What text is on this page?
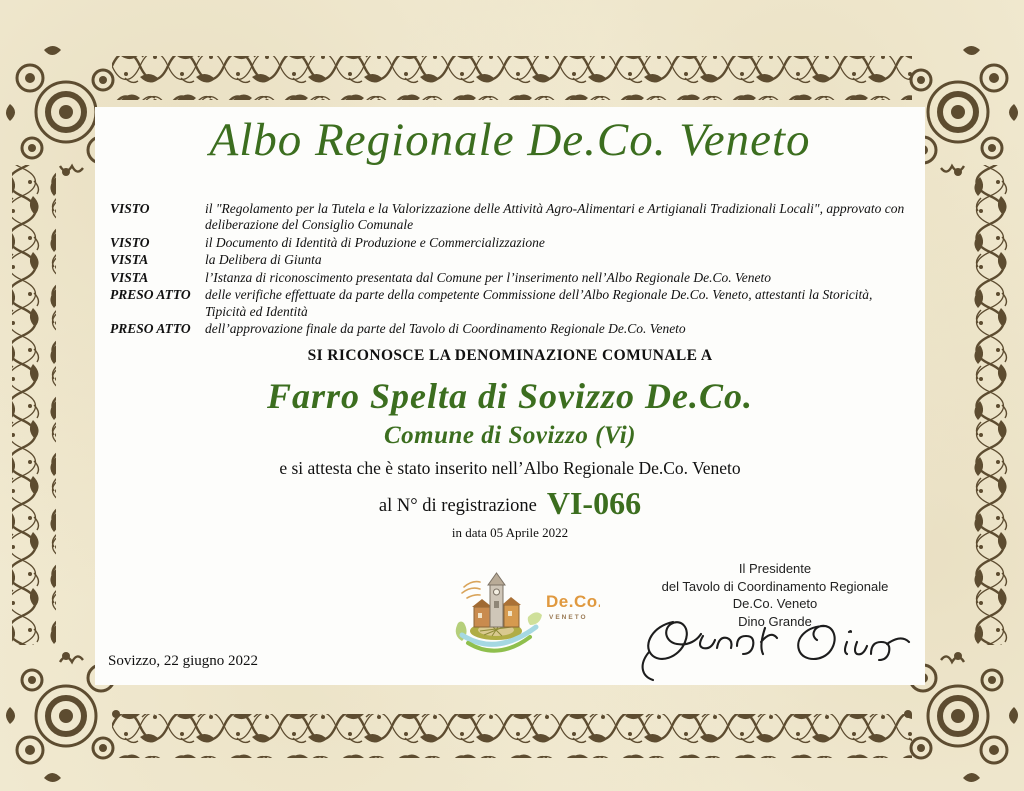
Albo Regionale De.Co. Veneto
VISTO	il "Regolamento per la Tutela e la Valorizzazione delle Attività Agro-Alimentari e Artigianali Tradizionali Locali", approvato con deliberazione del Consiglio Comunale
VISTO	il Documento di Identità di Produzione e Commercializzazione
VISTA	la Delibera di Giunta
VISTA	l’Istanza di riconoscimento presentata dal Comune per l’inserimento nell’Albo Regionale De.Co. Veneto
PRESO ATTO	delle verifiche effettuate da parte della competente Commissione dell’Albo Regionale De.Co. Veneto, attestanti la Storicità, Tipicità ed Identità
PRESO ATTO	dell’approvazione finale da parte del Tavolo di Coordinamento Regionale De.Co. Veneto
SI RICONOSCE LA DENOMINAZIONE COMUNALE A
Farro Spelta di Sovizzo De.Co.
Comune di Sovizzo (Vi)
e si attesta che è stato inserito nell’Albo Regionale De.Co. Veneto
al N° di registrazione VI-066
in data 05 Aprile 2022
De.Co.
VENETO
Il Presidente
del Tavolo di Coordinamento Regionale
De.Co. Veneto
Dino Grande
Sovizzo, 22 giugno 2022
